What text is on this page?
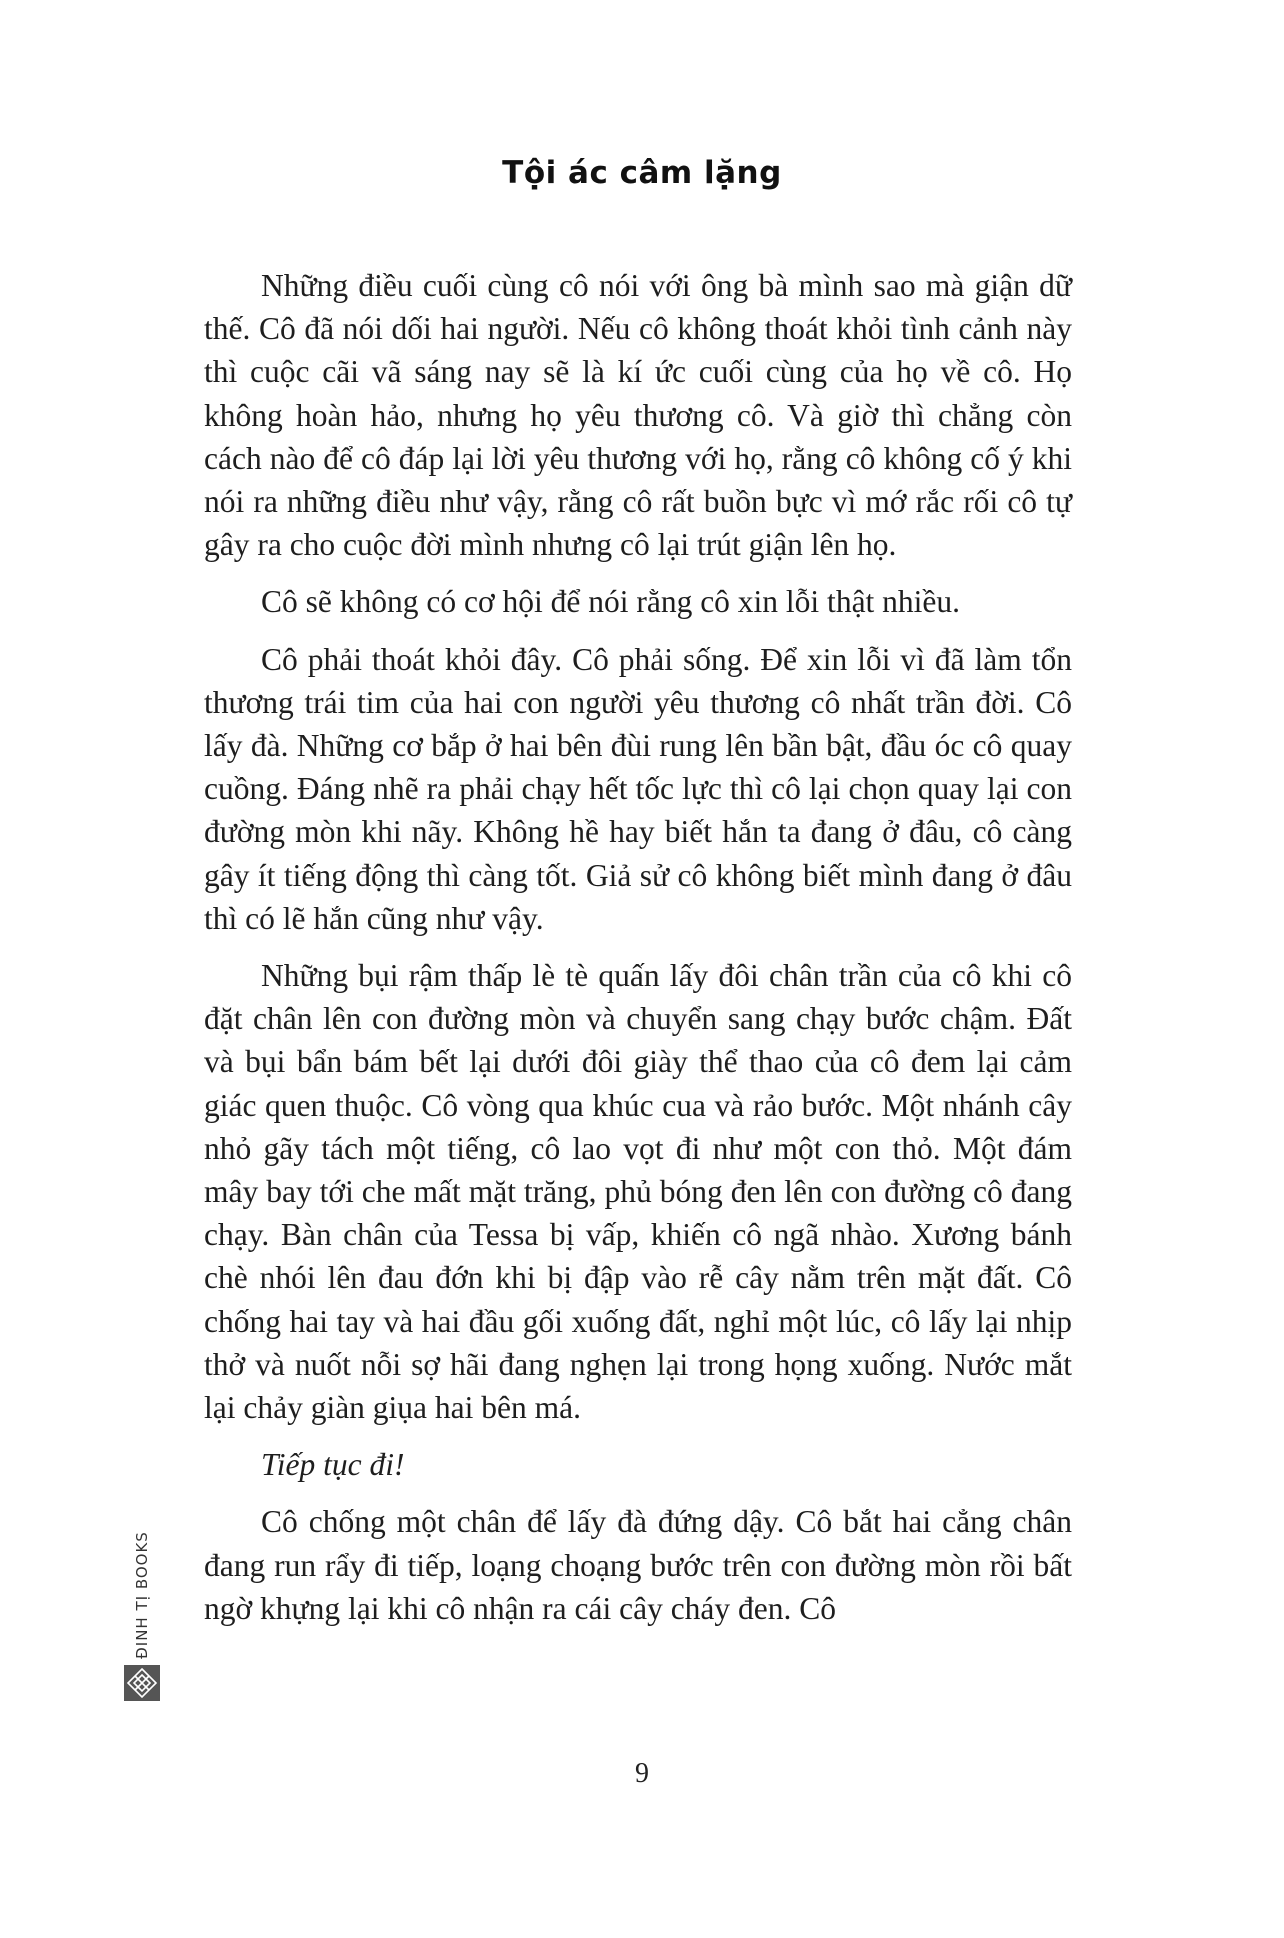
Tội ác câm lặng

Những điều cuối cùng cô nói với ông bà mình sao mà giận dữ thế. Cô đã nói dối hai người. Nếu cô không thoát khỏi tình cảnh này thì cuộc cãi vã sáng nay sẽ là kí ức cuối cùng của họ về cô. Họ không hoàn hảo, nhưng họ yêu thương cô. Và giờ thì chẳng còn cách nào để cô đáp lại lời yêu thương với họ, rằng cô không cố ý khi nói ra những điều như vậy, rằng cô rất buồn bực vì mớ rắc rối cô tự gây ra cho cuộc đời mình nhưng cô lại trút giận lên họ.

Cô sẽ không có cơ hội để nói rằng cô xin lỗi thật nhiều.

Cô phải thoát khỏi đây. Cô phải sống. Để xin lỗi vì đã làm tổn thương trái tim của hai con người yêu thương cô nhất trần đời. Cô lấy đà. Những cơ bắp ở hai bên đùi rung lên bần bật, đầu óc cô quay cuồng. Đáng nhẽ ra phải chạy hết tốc lực thì cô lại chọn quay lại con đường mòn khi nãy. Không hề hay biết hắn ta đang ở đâu, cô càng gây ít tiếng động thì càng tốt. Giả sử cô không biết mình đang ở đâu thì có lẽ hắn cũng như vậy.

Những bụi rậm thấp lè tè quấn lấy đôi chân trần của cô khi cô đặt chân lên con đường mòn và chuyển sang chạy bước chậm. Đất và bụi bẩn bám bết lại dưới đôi giày thể thao của cô đem lại cảm giác quen thuộc. Cô vòng qua khúc cua và rảo bước. Một nhánh cây nhỏ gãy tách một tiếng, cô lao vọt đi như một con thỏ. Một đám mây bay tới che mất mặt trăng, phủ bóng đen lên con đường cô đang chạy. Bàn chân của Tessa bị vấp, khiến cô ngã nhào. Xương bánh chè nhói lên đau đớn khi bị đập vào rễ cây nằm trên mặt đất. Cô chống hai tay và hai đầu gối xuống đất, nghỉ một lúc, cô lấy lại nhịp thở và nuốt nỗi sợ hãi đang nghẹn lại trong họng xuống. Nước mắt lại chảy giàn giụa hai bên má.

Tiếp tục đi!

Cô chống một chân để lấy đà đứng dậy. Cô bắt hai cẳng chân đang run rẩy đi tiếp, loạng choạng bước trên con đường mòn rồi bất ngờ khựng lại khi cô nhận ra cái cây cháy đen. Cô

ĐINH TỊ BOOKS
9
